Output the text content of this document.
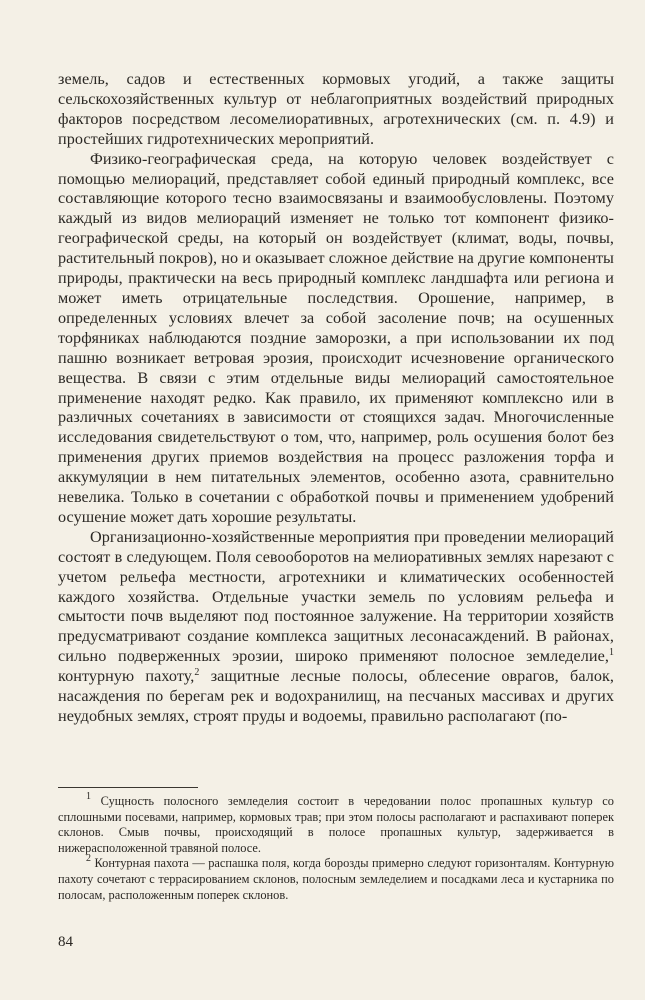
земель, садов и естественных кормовых угодий, а также защиты сельскохозяйственных культур от неблагоприятных воздействий природных факторов посредством лесомелиоративных, агротехнических (см. п. 4.9) и простейших гидротехнических мероприятий.

Физико-географическая среда, на которую человек воздействует с помощью мелиораций, представляет собой единый природный комплекс, все составляющие которого тесно взаимосвязаны и взаимообусловлены. Поэтому каждый из видов мелиораций изменяет не только тот компонент физико-географической среды, на который он воздействует (климат, воды, почвы, растительный покров), но и оказывает сложное действие на другие компоненты природы, практически на весь природный комплекс ландшафта или региона и может иметь отрицательные последствия. Орошение, например, в определенных условиях влечет за собой засоление почв; на осушенных торфяниках наблюдаются поздние заморозки, а при использовании их под пашню возникает ветровая эрозия, происходит исчезновение органического вещества. В связи с этим отдельные виды мелиораций самостоятельное применение находят редко. Как правило, их применяют комплексно или в различных сочетаниях в зависимости от стоящихся задач. Многочисленные исследования свидетельствуют о том, что, например, роль осушения болот без применения других приемов воздействия на процесс разложения торфа и аккумуляции в нем питательных элементов, особенно азота, сравнительно невелика. Только в сочетании с обработкой почвы и применением удобрений осушение может дать хорошие результаты.

Организационно-хозяйственные мероприятия при проведении мелиораций состоят в следующем. Поля севооборотов на мелиоративных землях нарезают с учетом рельефа местности, агротехники и климатических особенностей каждого хозяйства. Отдельные участки земель по условиям рельефа и смытости почв выделяют под постоянное залужение. На территории хозяйств предусматривают создание комплекса защитных лесонасаждений. В районах, сильно подверженных эрозии, широко применяют полосное земледелие,$^1$ контурную пахоту,$^2$ защитные лесные полосы, облесение оврагов, балок, насаждения по берегам рек и водохранилищ, на песчаных массивах и других неудобных землях, строят пруды и водоемы, правильно располагают (по-

$^1$ Сущность полосного земледелия состоит в чередовании полос пропашных культур со сплошными посевами, например, кормовых трав; при этом полосы располагают и распахивают поперек склонов. Смыв почвы, происходящий в полосе пропашных культур, задерживается в нижерасположенной травяной полосе.

$^2$ Контурная пахота — распашка поля, когда борозды примерно следуют горизонталям. Контурную пахоту сочетают с террасированием склонов, полосным земледелием и посадками леса и кустарника по полосам, расположенным поперек склонов.

84
